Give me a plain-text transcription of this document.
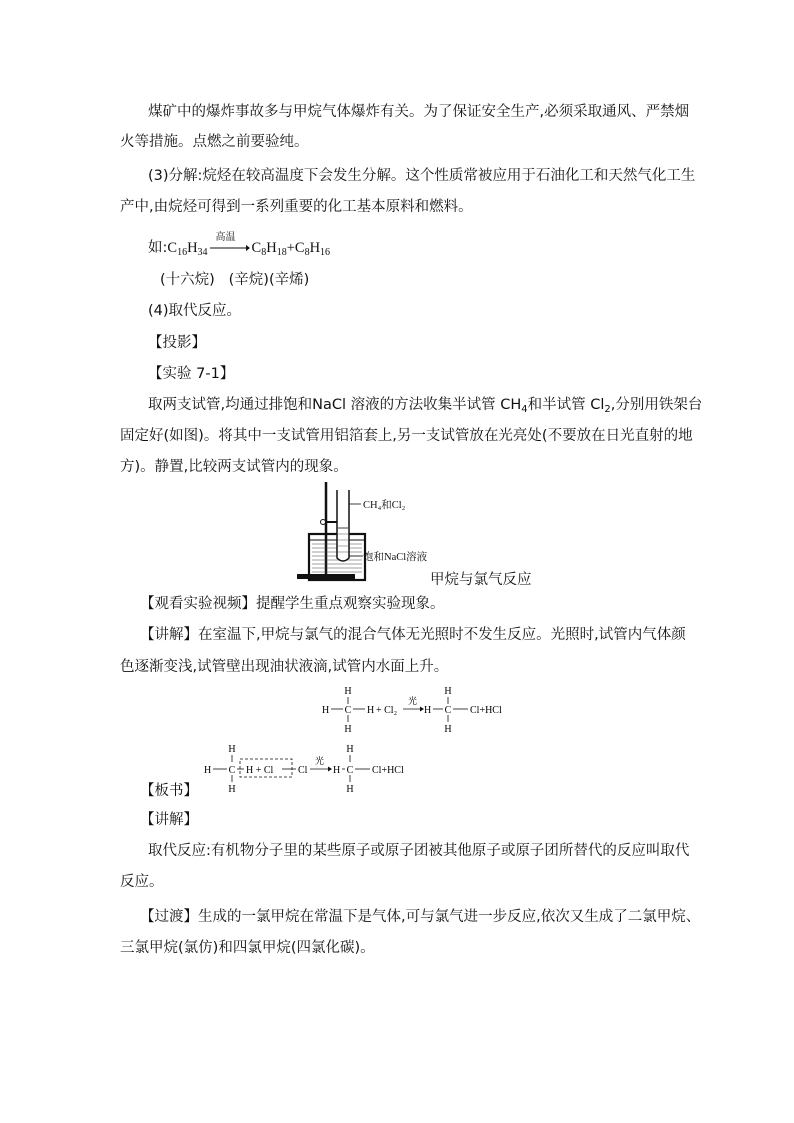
煤矿中的爆炸事故多与甲烷气体爆炸有关。为了保证安全生产,必须采取通风、严禁烟
火等措施。点燃之前要验纯。
(3)分解:烷烃在较高温度下会发生分解。这个性质常被应用于石油化工和天然气化工生
产中,由烷烃可得到一系列重要的化工基本原料和燃料。
如$:C_{16}H_{34}$
高温
$C_8H_{18}+C_8H_{16}$
(十六烷)   (辛烷)(辛烯)
(4)取代反应。
【投影】
【实验 7-1】
取两支试管,均通过排饱和NaCl 溶液的方法收集半试管 $CH_4$和半试管 $Cl_2$,分别用铁架台
固定好(如图)。将其中一支试管用铝箔套上,另一支试管放在光亮处(不要放在日光直射的地
方)。静置,比较两支试管内的现象。
CH₄和Cl₂
饱和NaCl溶液
甲烷与氯气反应
【观看实验视频】提醒学生重点观察实验现象。
【讲解】在室温下,甲烷与氯气的混合气体无光照时不发生反应。光照时,试管内气体颜
色逐渐变浅,试管壁出现油状液滴,试管内水面上升。
H
H C H
H
+ Cl₂
光
H
H
C Cl+HCl
H
H
H C
H
H + Cl Cl
光
H
H
C Cl+HCl
H
【板书】
【讲解】
取代反应:有机物分子里的某些原子或原子团被其他原子或原子团所替代的反应叫取代
反应。
【过渡】生成的一氯甲烷在常温下是气体,可与氯气进一步反应,依次又生成了二氯甲烷、
三氯甲烷(氯仿)和四氯甲烷(四氯化碳)。
